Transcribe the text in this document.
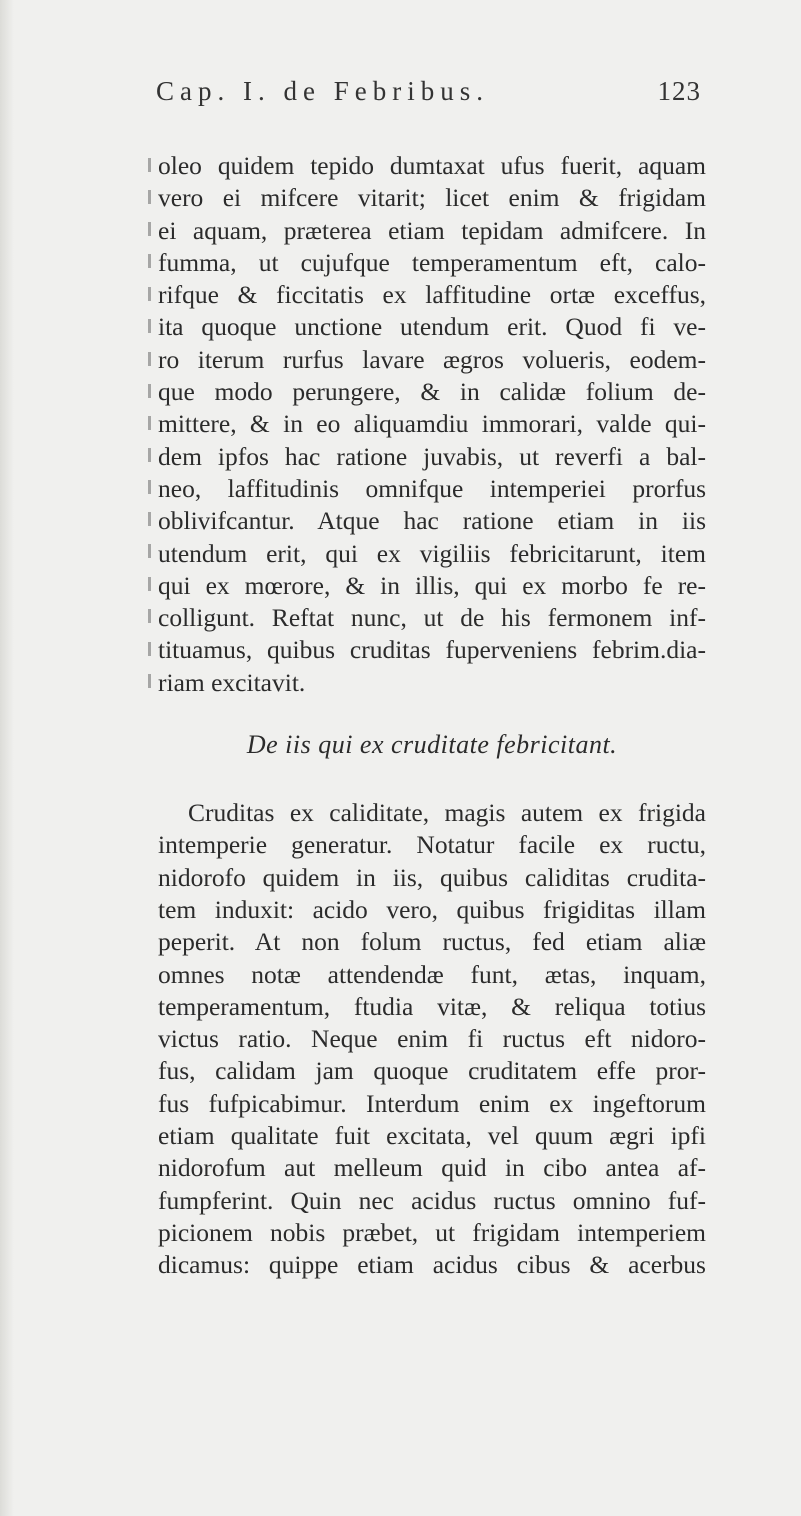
Cap. I. de Febribus.	123
oleo quidem tepido dumtaxat ufus fuerit, aquam
vero ei mifcere vitarit; licet enim & frigidam
ei aquam, præterea etiam tepidam admifcere. In
fumma, ut cujufque temperamentum eft, calo-
rifque & ficcitatis ex laffitudine ortæ exceffus,
ita quoque unctione utendum erit. Quod fi ve-
ro iterum rurfus lavare ægros volueris, eodem-
que modo perungere, & in calidæ folium de-
mittere, & in eo aliquamdiu immorari, valde qui-
dem ipfos hac ratione juvabis, ut reverfi a bal-
neo, laffitudinis omnifque intemperiei prorfus
oblivifcantur. Atque hac ratione etiam in iis
utendum erit, qui ex vigiliis febricitarunt, item
qui ex mœrore, & in illis, qui ex morbo fe re-
colligunt. Reftat nunc, ut de his fermonem inf-
tituamus, quibus cruditas fuperveniens febrim.dia-
riam excitavit.
De iis qui ex cruditate febricitant.
Cruditas ex caliditate, magis autem ex frigida
intemperie generatur. Notatur facile ex ructu,
nidorofo quidem in iis, quibus caliditas crudita-
tem induxit: acido vero, quibus frigiditas illam
peperit. At non folum ructus, fed etiam aliæ
omnes notæ attendendæ funt, ætas, inquam,
temperamentum, ftudia vitæ, & reliqua totius
victus ratio. Neque enim fi ructus eft nidoro-
fus, calidam jam quoque cruditatem effe pror-
fus fufpicabimur. Interdum enim ex ingeftorum
etiam qualitate fuit excitata, vel quum ægri ipfi
nidorofum aut melleum quid in cibo antea af-
fumpferint. Quin nec acidus ructus omnino fuf-
picionem nobis præbet, ut frigidam intemperiem
dicamus: quippe etiam acidus cibus & acerbus
